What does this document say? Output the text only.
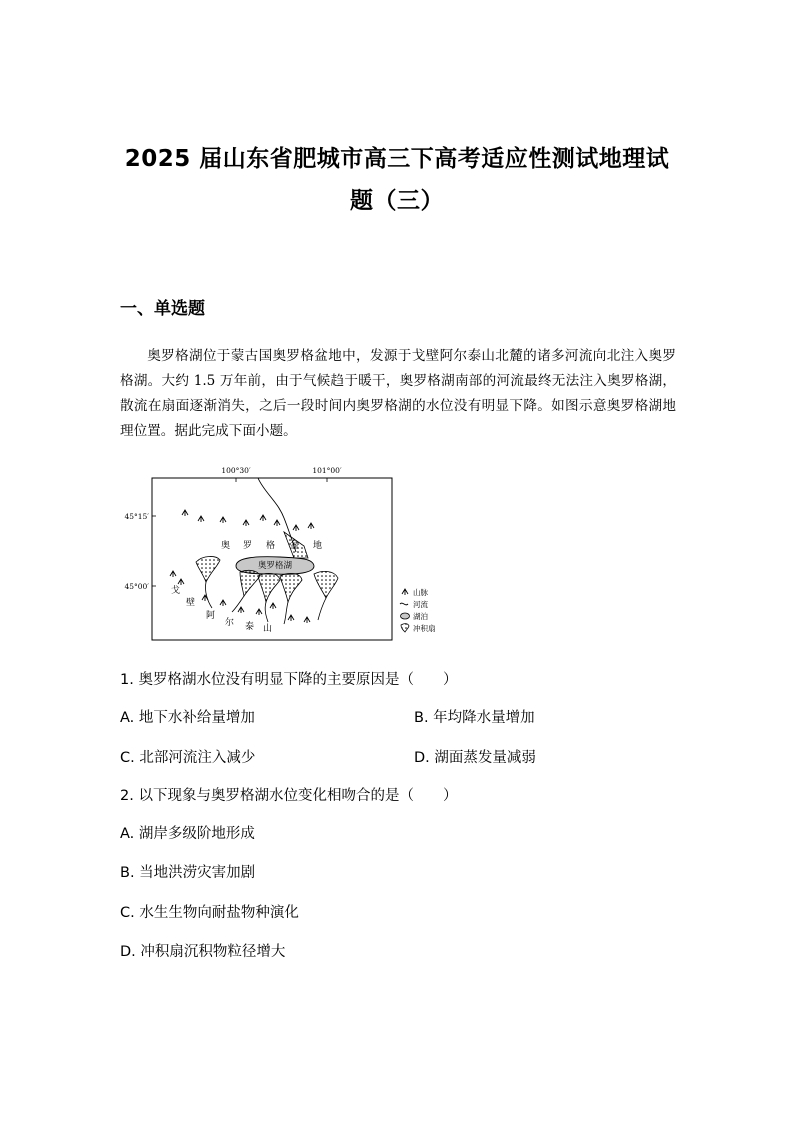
2025 届山东省肥城市高三下高考适应性测试地理试
题（三）
一、单选题
奥罗格湖位于蒙古国奥罗格盆地中，发源于戈壁阿尔泰山北麓的诸多河流向北注入奥罗格湖。大约 1.5 万年前，由于气候趋于暖干，奥罗格湖南部的河流最终无法注入奥罗格湖，散流在扇面逐渐消失，之后一段时间内奥罗格湖的水位没有明显下降。如图示意奥罗格湖地理位置。据此完成下面小题。
100°30′	101°00′
45°15′
45°00′
奥 罗 格	地
奥罗格湖
戈
壁
阿
尔 泰 山
山脉
河流
湖泊
冲积扇
1. 奥罗格湖水位没有明显下降的主要原因是（　　）
A. 地下水补给量增加	B. 年均降水量增加
C. 北部河流注入减少	D. 湖面蒸发量减弱
2. 以下现象与奥罗格湖水位变化相吻合的是（　　）
A. 湖岸多级阶地形成
B. 当地洪涝灾害加剧
C. 水生生物向耐盐物种演化
D. 冲积扇沉积物粒径增大
